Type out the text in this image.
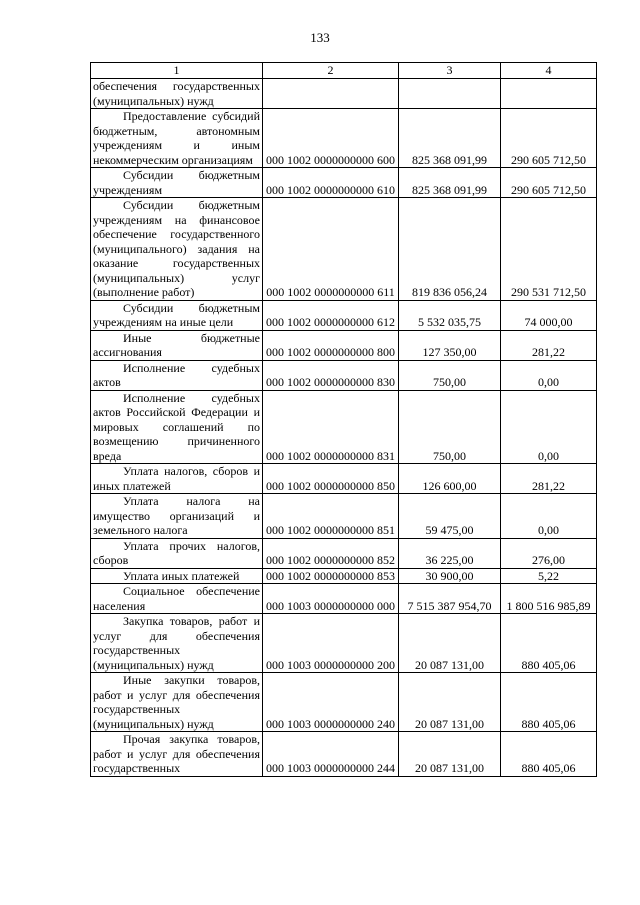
133
1	2	3	4
обеспечения государственных (муниципальных) нужд			

Предоставление субсидий бюджетным, автономным учреждениям и иным некоммерческим организациям	000 1002 0000000000 600	825 368 091,99	290 605 712,50

Субсидии бюджетным учреждениям	000 1002 0000000000 610	825 368 091,99	290 605 712,50

Субсидии бюджетным учреждениям на финансовое обеспечение государственного (муниципального) задания на оказание государственных (муниципальных) услуг (выполнение работ)	000 1002 0000000000 611	819 836 056,24	290 531 712,50

Субсидии бюджетным учреждениям на иные цели	000 1002 0000000000 612	5 532 035,75	74 000,00

Иные бюджетные ассигнования	000 1002 0000000000 800	127 350,00	281,22

Исполнение судебных актов	000 1002 0000000000 830	750,00	0,00

Исполнение судебных актов Российской Федерации и мировых соглашений по возмещению причиненного вреда	000 1002 0000000000 831	750,00	0,00

Уплата налогов, сборов и иных платежей	000 1002 0000000000 850	126 600,00	281,22

Уплата налога на имущество организаций и земельного налога	000 1002 0000000000 851	59 475,00	0,00

Уплата прочих налогов, сборов	000 1002 0000000000 852	36 225,00	276,00

Уплата иных платежей	000 1002 0000000000 853	30 900,00	5,22

Социальное обеспечение населения	000 1003 0000000000 000	7 515 387 954,70	1 800 516 985,89

Закупка товаров, работ и услуг для обеспечения государственных (муниципальных) нужд	000 1003 0000000000 200	20 087 131,00	880 405,06

Иные закупки товаров, работ и услуг для обеспечения государственных (муниципальных) нужд	000 1003 0000000000 240	20 087 131,00	880 405,06

Прочая закупка товаров, работ и услуг для обеспечения государственных	000 1003 0000000000 244	20 087 131,00	880 405,06
